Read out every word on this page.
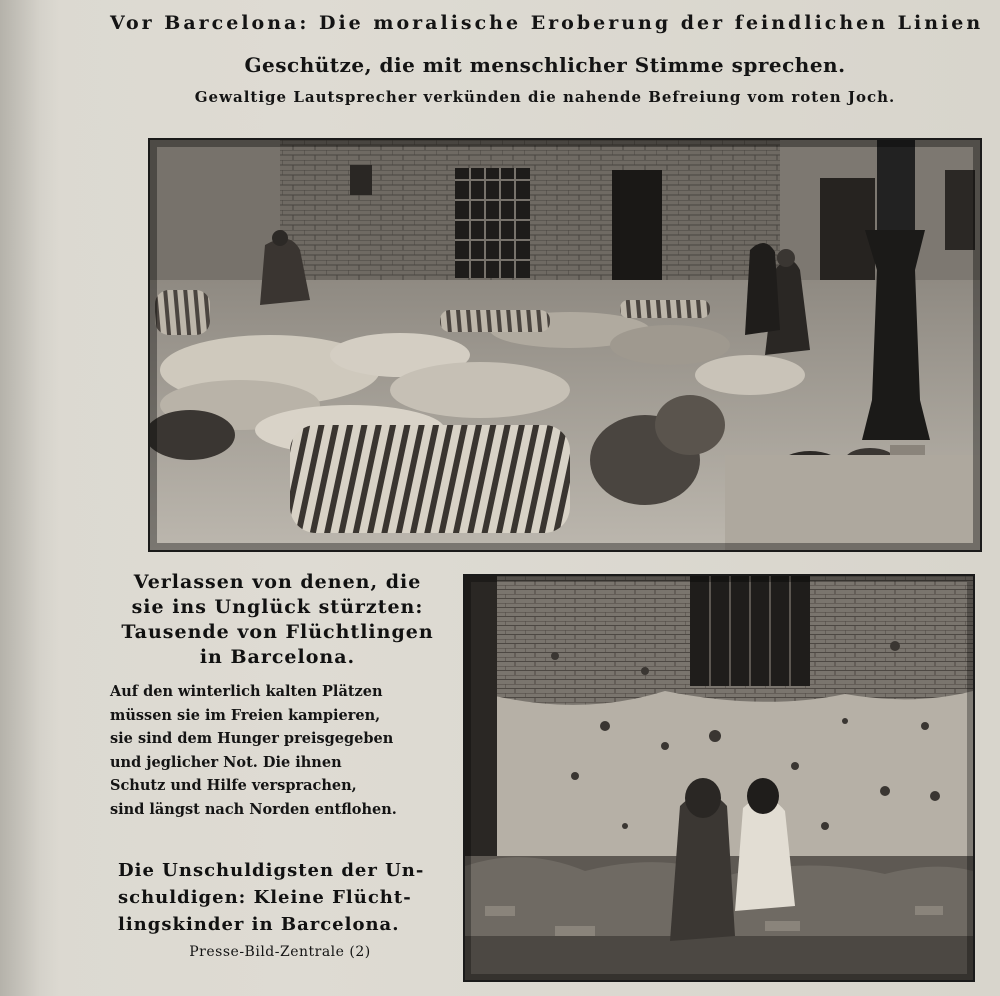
Vor Barcelona: Die moralische Eroberung der feindlichen Linien
Geschütze, die mit menschlicher Stimme sprechen.
Gewaltige Lautsprecher verkünden die nahende Befreiung vom roten Joch.
Verlassen von denen, die
sie ins Unglück stürzten:
Tausende von Flüchtlingen
in Barcelona.
Auf den winterlich kalten Plätzen
müssen sie im Freien kampieren,
sie sind dem Hunger preisgegeben
und jeglicher Not. Die ihnen
Schutz und Hilfe versprachen,
sind längst nach Norden entflohen.
Die Unschuldigsten der Un-
schuldigen: Kleine Flücht-
lingskinder in Barcelona.
Presse-Bild-Zentrale (2)
